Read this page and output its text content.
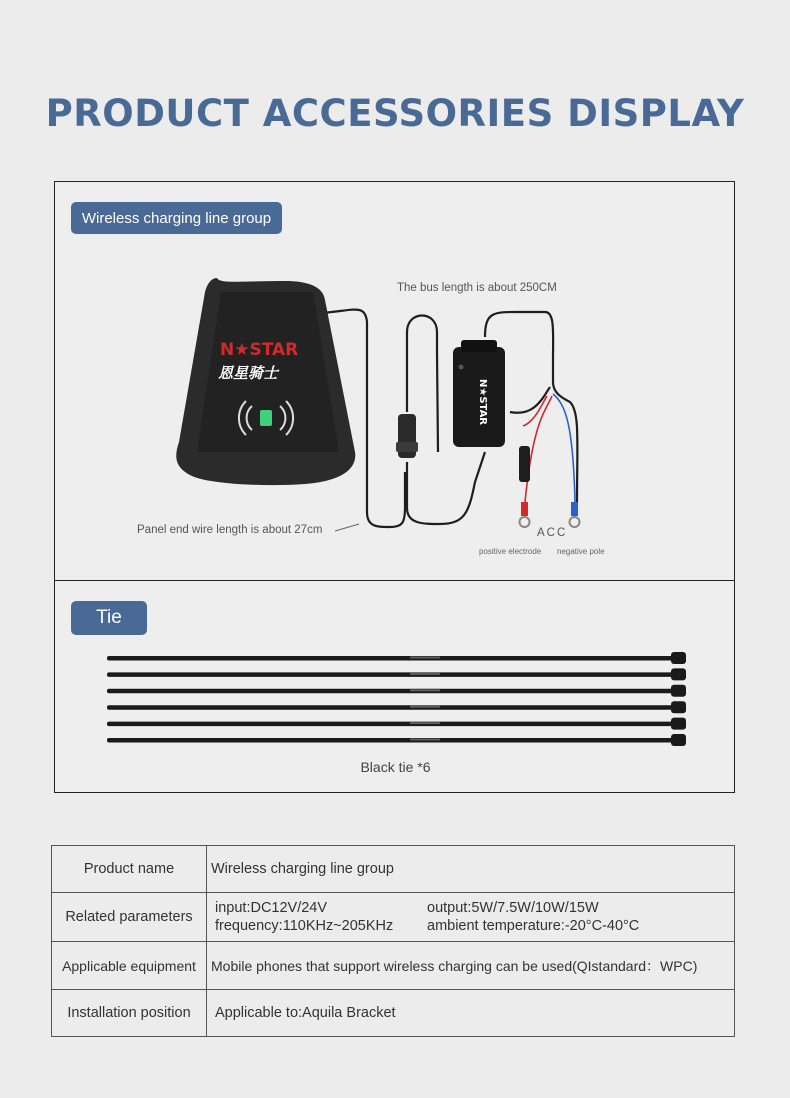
PRODUCT ACCESSORIES DISPLAY
Wireless charging line group
N★STAR
N★STAR
恩星骑士
The bus length is about 250CM
Panel end wire length is about 27cm	ACC
positive electrode negative pole
Tie
Black tie *6
Product name	Wireless charging line group
Related parameters	input:DC12V/24V output:5W/7.5W/10W/15W
frequency:110KHz~205KHz ambient temperature:-20°C-40°C

Applicable equipment	Mobile phones that support wireless charging can be used(QIstandard：WPC)
Installation position	Applicable to:Aquila Bracket
